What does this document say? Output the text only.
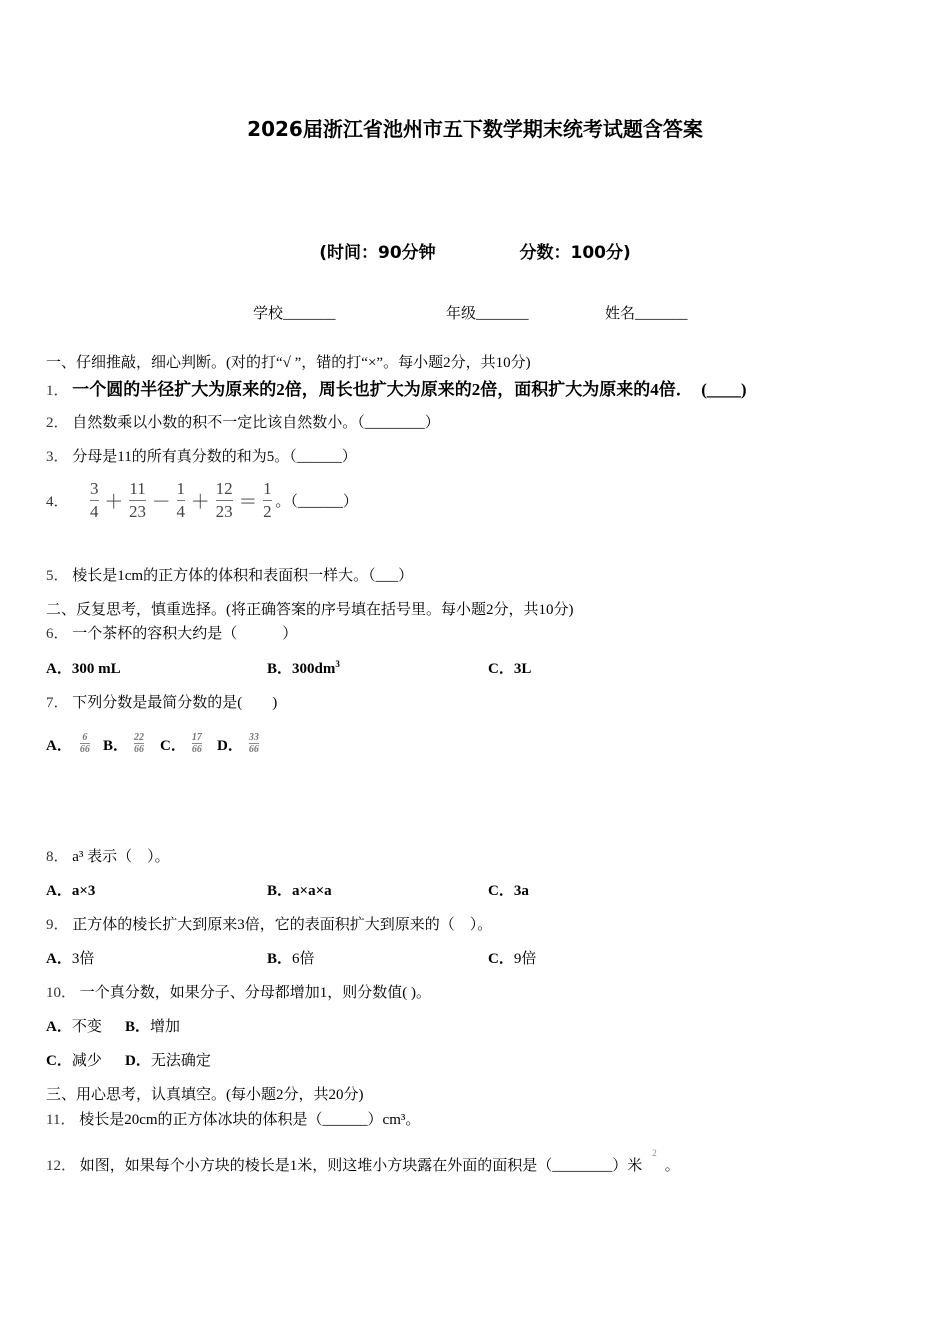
2026届浙江省池州市五下数学期末统考试题含答案
(时间：90分钟	分数：100分)
学校_______	年级_______	姓名_______
一、仔细推敲，细心判断。(对的打“√ ”，错的打“×”。每小题2分，共10分)
1． 一个圆的半径扩大为原来的2倍，周长也扩大为原来的2倍，面积扩大为原来的4倍．　(____)
2． 自然数乘以小数的积不一定比该自然数小。（________）
3． 分母是11的所有真分数的和为5。（______）
4． $\frac{3}{4} + \frac{11}{23} - \frac{1}{4} + \frac{12}{23} = \frac{1}{2}$ 。（______）
5． 棱长是1cm的正方体的体积和表面积一样大。（___）
二、反复思考，慎重选择。(将正确答案的序号填在括号里。每小题2分，共10分)
6． 一个茶杯的容积大约是（　　　）
A．300 mL	B．$300dm^3$	C．3L
7． 下列分数是最简分数的是(　　)
A． $\frac{6}{66}$ B． $\frac{22}{66}$ C． $\frac{17}{66}$ D． $\frac{33}{66}$
8． a³ 表示（　）。
A．a×3	B．a×a×a	C．3a
9． 正方体的棱长扩大到原来3倍，它的表面积扩大到原来的（　）。
A．3倍	B．6倍	C．9倍
10． 一个真分数，如果分子、分母都增加1，则分数值( )。
A．不变 B．增加
C．减少 D．无法确定
三、用心思考，认真填空。(每小题2分，共20分)
11． 棱长是20cm的正方体冰块的体积是（______）cm³。
12． 如图，如果每个小方块的棱长是1米，则这堆小方块露在外面的面积是（________）米$^2$。
